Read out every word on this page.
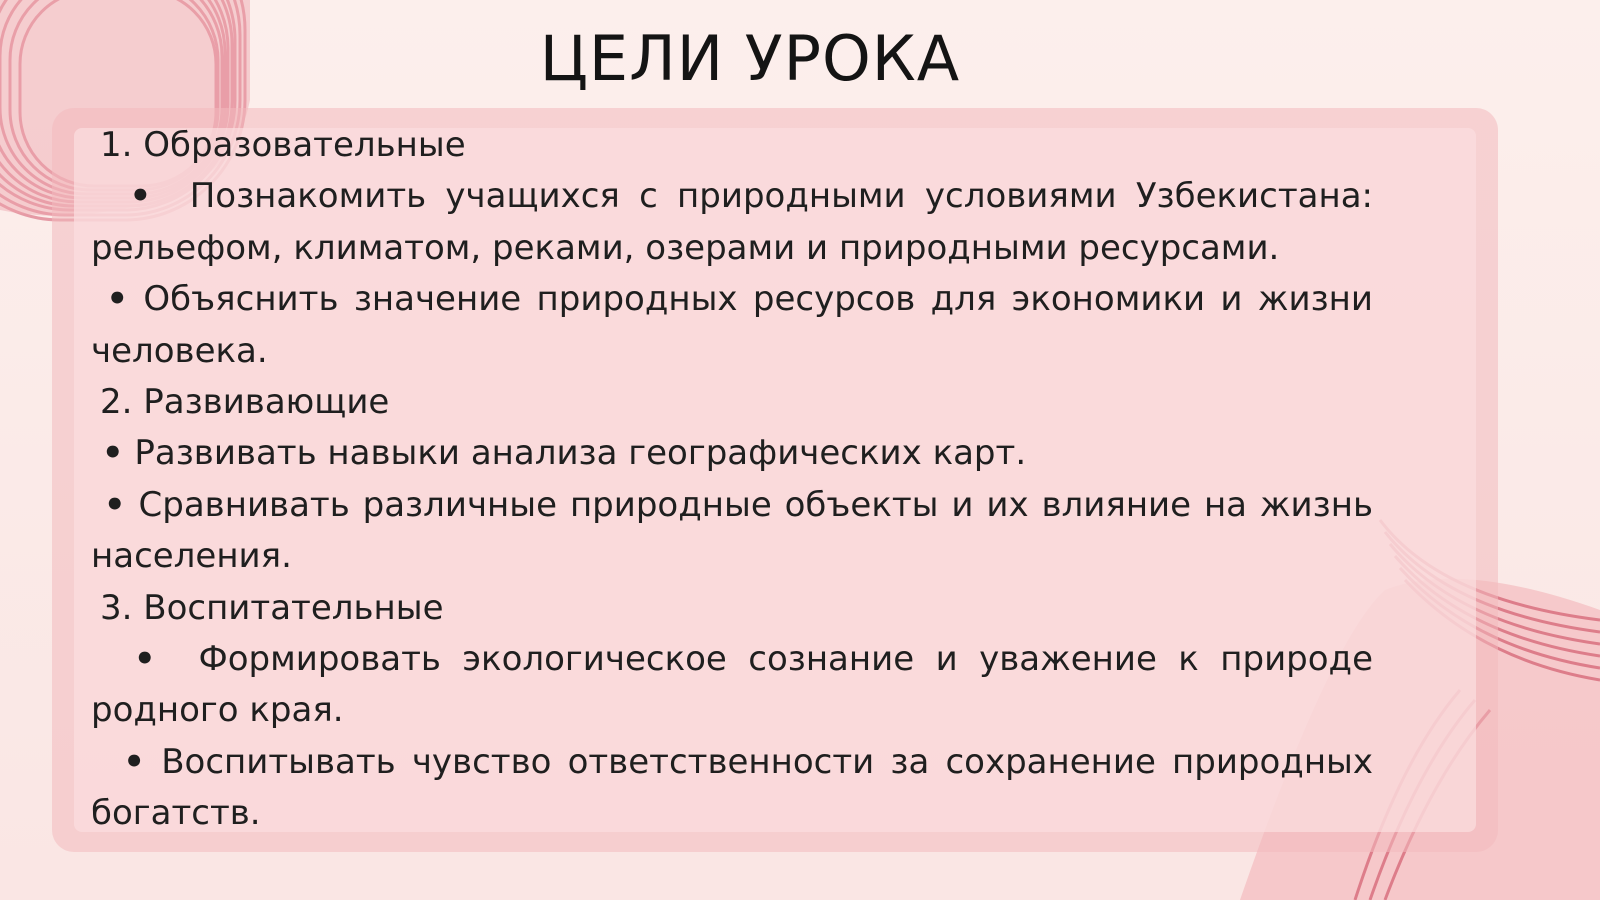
ЦЕЛИ УРОКА

1. Образовательные

• Познакомить учащихся с природными условиями Узбекистана: рельефом, климатом, реками, озерами и природными ресурсами.

• Объяснить значение природных ресурсов для экономики и жизни человека.

2. Развивающие

• Развивать навыки анализа географических карт.

• Сравнивать различные природные объекты и их влияние на жизнь населения.

3. Воспитательные

• Формировать экологическое сознание и уважение к природе родного края.

• Воспитывать чувство ответственности за сохранение природных богатств.
